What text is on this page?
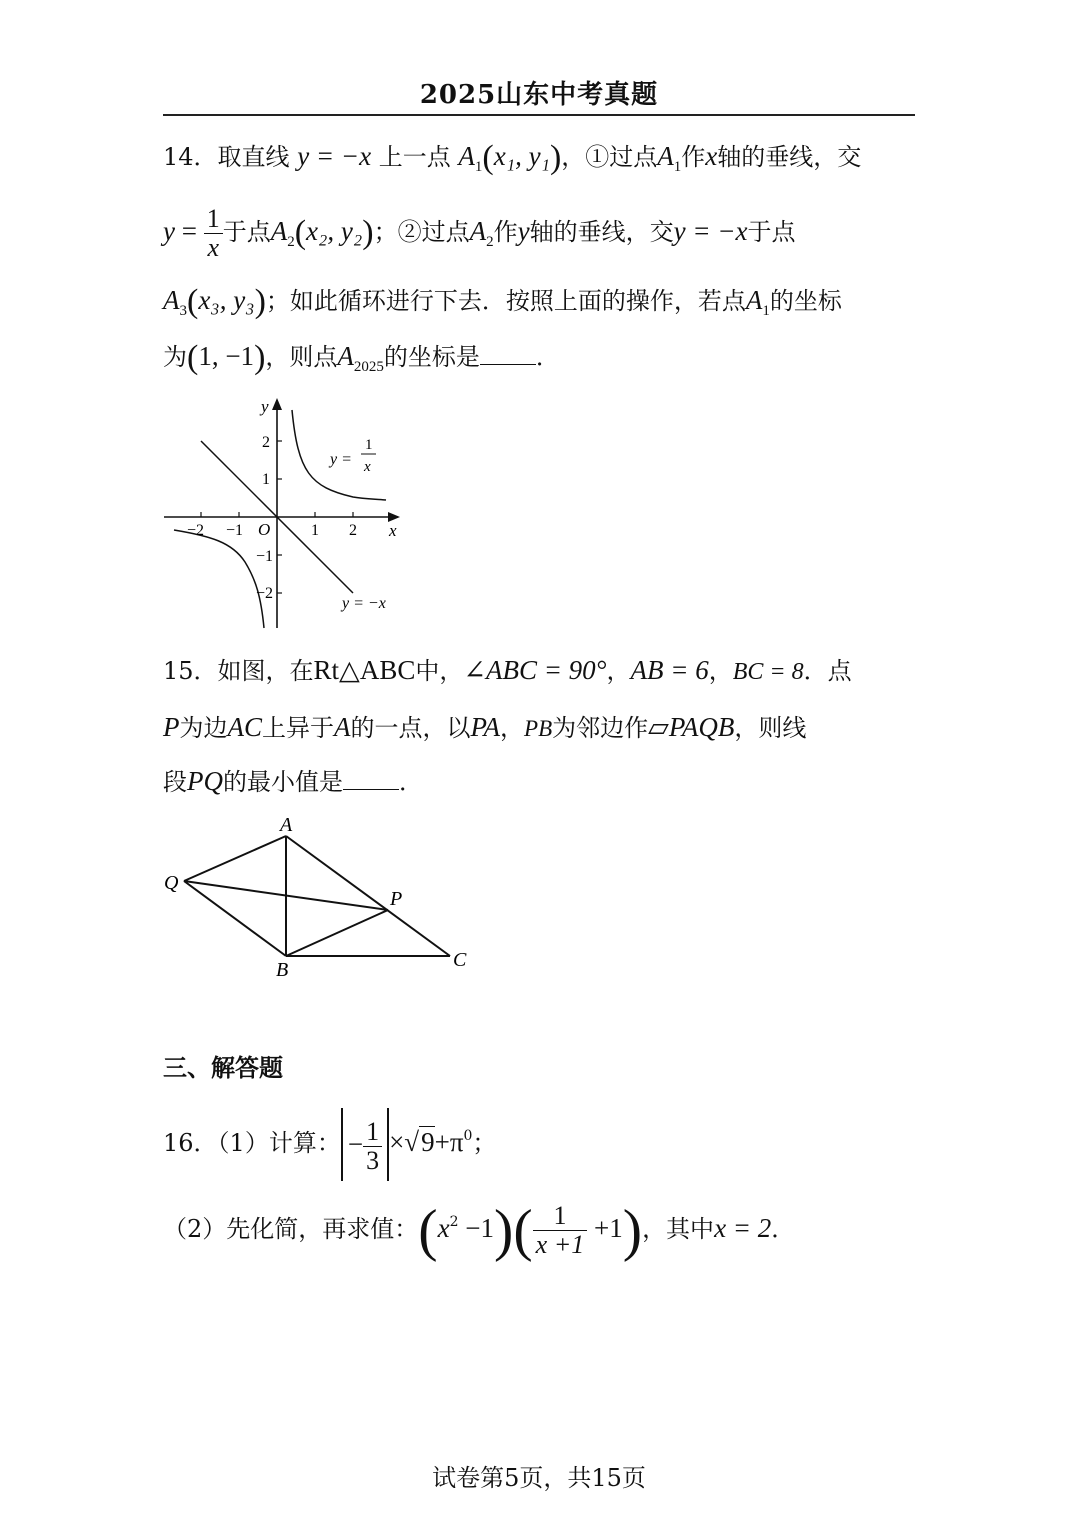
2025山东中考真题
14．取直线 y = −x 上一点 $A_1(x_1$, y₁)，①过点$A_1$作x轴的垂线，交
$y = \frac{1}{x}$ 于点$A_2(x_2$, y₂)；②过点$A_2$作y轴的垂线，交y = −x于点
$A_3(x_3$, y₃)；如此循环进行下去．按照上面的操作，若点$A_1$的坐标
为(1, −1)，则点$A_{2025}$的坐标是 ．
y
x
O
−2 −1	1 2
2
1
−1
−2
y =
1
x
y = −x
15．如图，在Rt△ABC中，∠ABC = 90°，AB = 6，BC = 8．点
P为边AC上异于A的一点，以PA，PB为邻边作▱PAQB，则线
段PQ的最小值是 ．
A
B	C
P
Q
三、解答题
16．（1）计算： − $\frac{1}{3} \times√9+\pi^0$；
（2）先化简，再求值：$(x^2 -1)( \frac{1}{x +1} +1)$，其中x = 2．
试卷第5页，共15页
